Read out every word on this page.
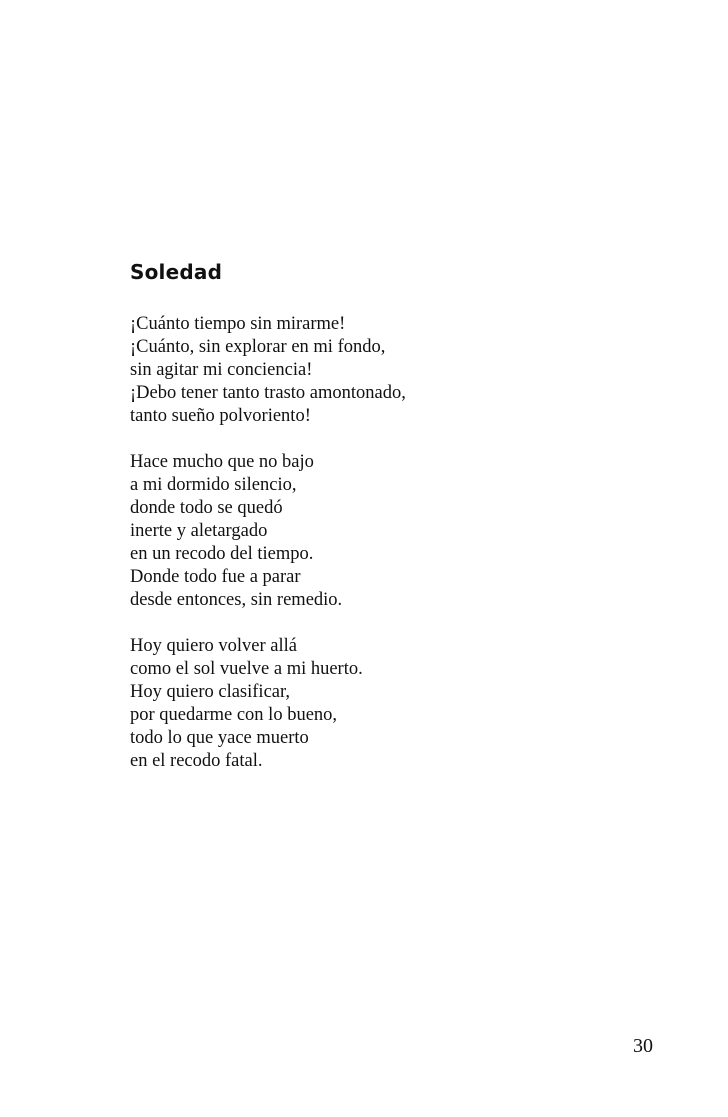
Soledad
¡Cuánto tiempo sin mirarme!
¡Cuánto, sin explorar en mi fondo,
sin agitar mi conciencia!
¡Debo tener tanto trasto amontonado,
tanto sueño polvoriento!
Hace mucho que no bajo
a mi dormido silencio,
donde todo se quedó
inerte y aletargado
en un recodo del tiempo.
Donde todo fue a parar
desde entonces, sin remedio.
Hoy quiero volver allá
como el sol vuelve a mi huerto.
Hoy quiero clasificar,
por quedarme con lo bueno,
todo lo que yace muerto
en el recodo fatal.
30
